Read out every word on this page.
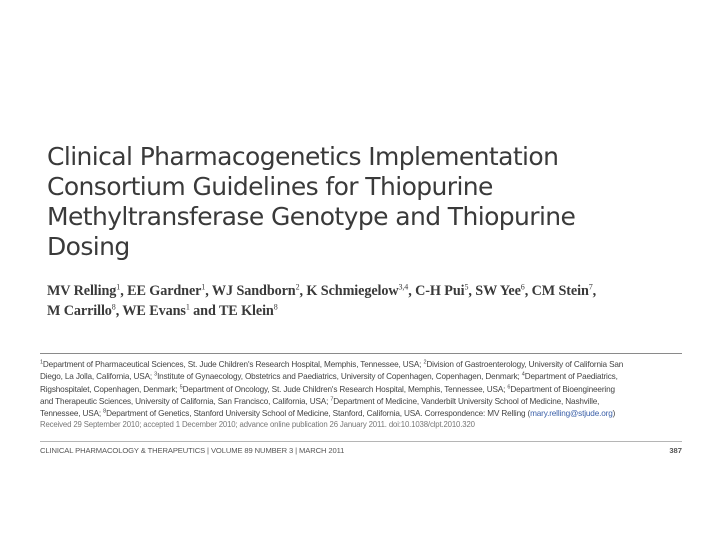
Clinical Pharmacogenetics Implementation
Consortium Guidelines for Thiopurine
Methyltransferase Genotype and Thiopurine
Dosing
MV Relling$^1$, EE Gardner$^1$, WJ Sandborn$^2$, K Schmiegelow$^{3,4}$, C-H Pui$^5$, SW Yee$^6$, CM Stein$^7$,
M Carrillo$^8$, WE Evans$^1$ and TE Klein$^8$
$^1$Department of Pharmaceutical Sciences, St. Jude Children's Research Hospital, Memphis, Tennessee, USA; $^2$Division of Gastroenterology, University of California San
Diego, La Jolla, California, USA; $^3$Institute of Gynaecology, Obstetrics and Paediatrics, University of Copenhagen, Copenhagen, Denmark; $^4$Department of Paediatrics,
Rigshospitalet, Copenhagen, Denmark; $^5$Department of Oncology, St. Jude Children's Research Hospital, Memphis, Tennessee, USA; $^6$Department of Bioengineering
and Therapeutic Sciences, University of California, San Francisco, California, USA; $^7$Department of Medicine, Vanderbilt University School of Medicine, Nashville,
Tennessee, USA; $^8$Department of Genetics, Stanford University School of Medicine, Stanford, California, USA. Correspondence: MV Relling (mary.relling@stjude.org)
Received 29 September 2010; accepted 1 December 2010; advance online publication 26 January 2011. doi:10.1038/clpt.2010.320
CLINICAL PHARMACOLOGY & THERAPEUTICS | VOLUME 89 NUMBER 3 | MARCH 2011	387
